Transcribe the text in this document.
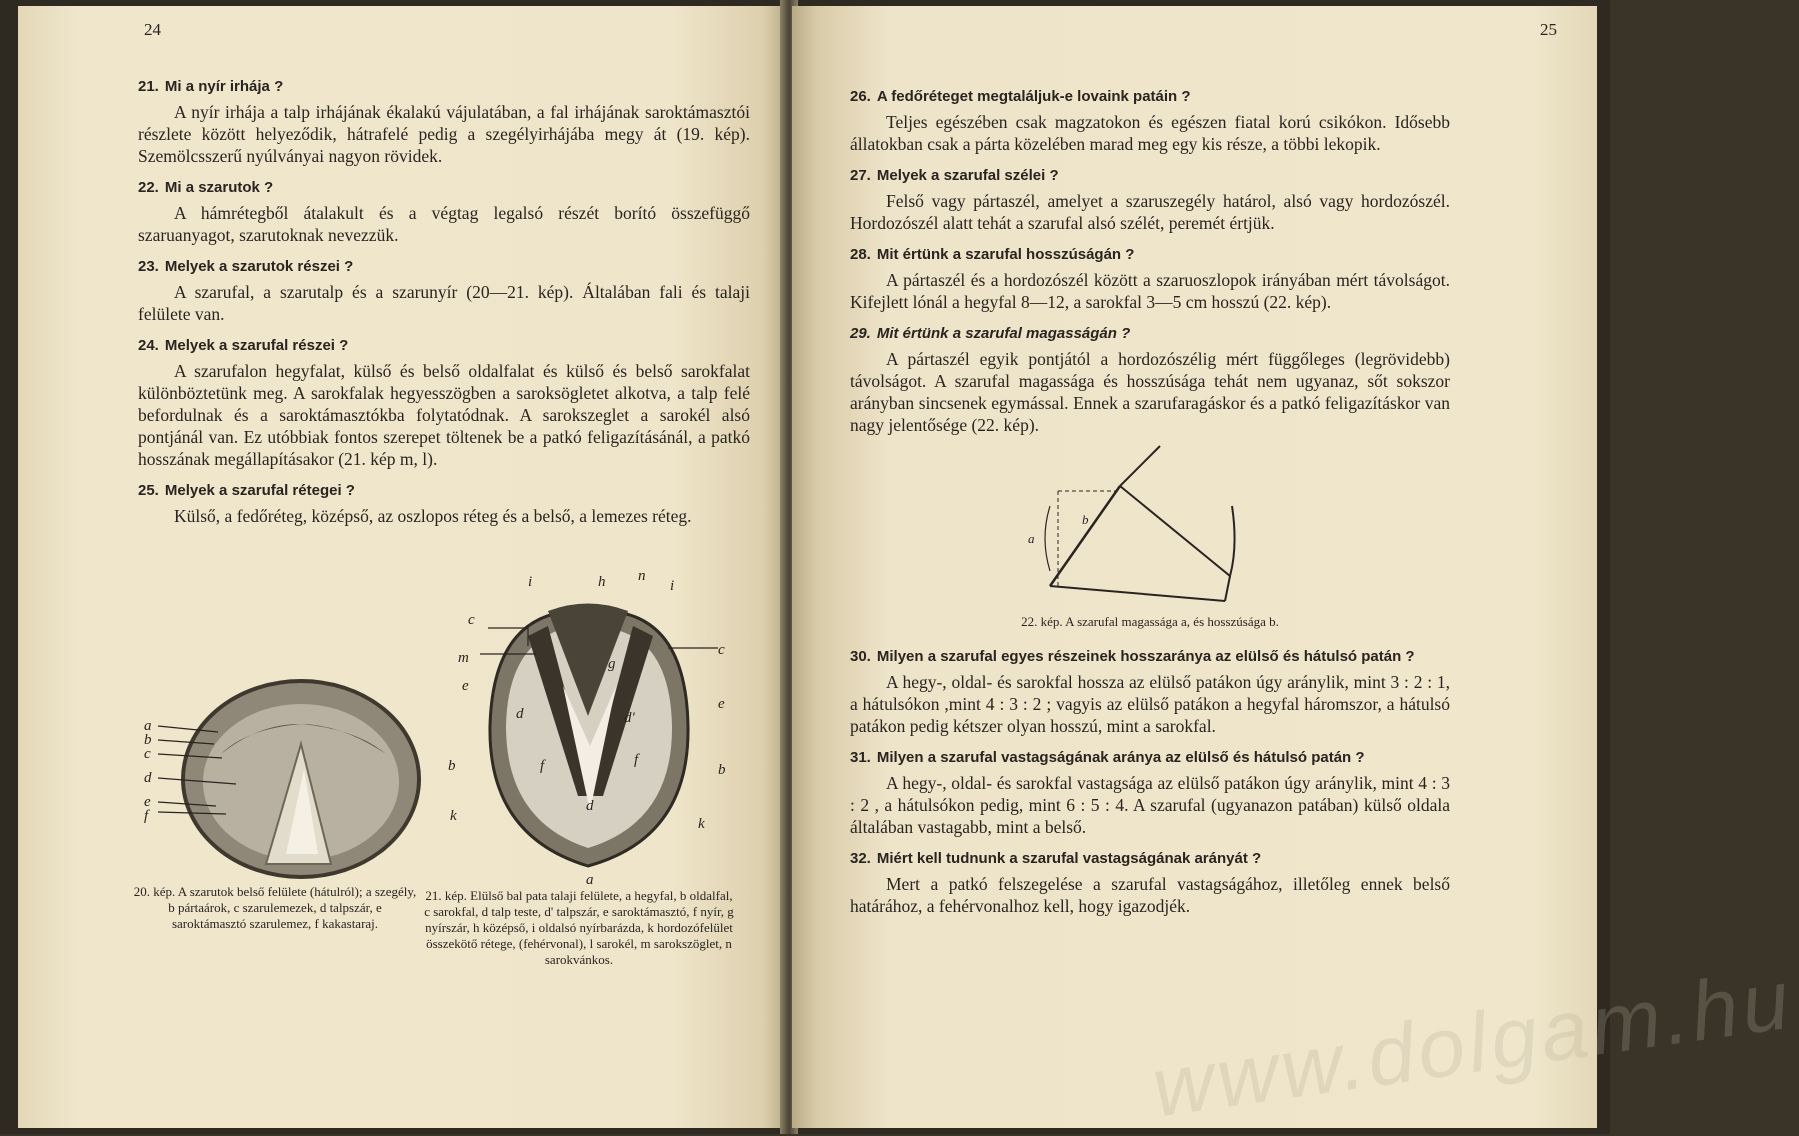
24
21. Mi a nyír irhája ?

A nyír irhája a talp irhájának ékalakú vájulatában, a fal irhájának saroktámasztói részlete között helyeződik, hátrafelé pedig a szegélyirhájába megy át (19. kép). Szemölcsszerű nyúlványai nagyon rövidek.

22. Mi a szarutok ?

A hámrétegből átalakult és a végtag legalsó részét borító összefüggő szaruanyagot, szarutoknak nevezzük.

23. Melyek a szarutok részei ?

A szarufal, a szarutalp és a szarunyír (20—21. kép). Általában fali és talaji felülete van.

24. Melyek a szarufal részei ?

A szarufalon hegyfalat, külső és belső oldalfalat és külső és belső sarokfalat különböztetünk meg. A sarokfalak hegyesszögben a saroksögletet alkotva, a talp felé befordulnak és a saroktámasztókba folytatódnak. A sarokszeglet a sarokél alsó pontjánál van. Ez utóbbiak fontos szerepet töltenek be a patkó feligazításánál, a patkó hosszának megállapításakor (21. kép m, l).

25. Melyek a szarufal rétegei ?

Külső, a fedőréteg, középső, az oszlopos réteg és a belső, a lemezes réteg.

a
b
c
d
e
f
20. kép. A szarutok belső felülete (hátulról); a szegély, b pártaárok, c szarulemezek, d talpszár, e saroktámasztó szarulemez, f kakastaraj.
i	h n
i
c
m
e
g
c
e
d	d'
f	f
b	b
d
k	k
a
21. kép. Elülső bal pata talaji felülete, a hegyfal, b oldalfal, c sarokfal, d talp teste, d' talpszár, e saroktámasztó, f nyír, g nyírszár, h középső, i oldalsó nyírbarázda, k hordozófelület összekötő rétege, (fehérvonal), l sarokél, m sarokszöglet, n sarokvánkos.
25
26. A fedőréteget megtaláljuk-e lovaink patáin ?

Teljes egészében csak magzatokon és egészen fiatal korú csikókon. Idősebb állatokban csak a párta közelében marad meg egy kis része, a többi lekopik.

27. Melyek a szarufal szélei ?

Felső vagy pártaszél, amelyet a szaruszegély határol, alsó vagy hordozószél. Hordozószél alatt tehát a szarufal alsó szélét, peremét értjük.

28. Mit értünk a szarufal hosszúságán ?

A pártaszél és a hordozószél között a szaruoszlopok irányában mért távolságot. Kifejlett lónál a hegyfal 8—12, a sarokfal 3—5 cm hosszú (22. kép).

29. Mit értünk a szarufal magasságán ?

A pártaszél egyik pontjától a hordozószélig mért függőleges (legrövidebb) távolságot. A szarufal magassága és hosszúsága tehát nem ugyanaz, sőt sokszor arányban sincsenek egymással. Ennek a szarufaragáskor és a patkó feligazításkor van nagy jelentősége (22. kép).

a
b
22. kép. A szarufal magassága a, és hosszúsága b.
30. Milyen a szarufal egyes részeinek hosszaránya az elülső és hátulsó patán ?

A hegy-, oldal- és sarokfal hossza az elülső patákon úgy aránylik, mint 3 : 2 : 1, a hátulsókon ,mint 4 : 3 : 2 ; vagyis az elülső patákon a hegyfal háromszor, a hátulsó patákon pedig kétszer olyan hosszú, mint a sarokfal.

31. Milyen a szarufal vastagságának aránya az elülső és hátulsó patán ?

A hegy-, oldal- és sarokfal vastagsága az elülső patákon úgy aránylik, mint 4 : 3 : 2 , a hátulsókon pedig, mint 6 : 5 : 4. A szarufal (ugyanazon patában) külső oldala általában vastagabb, mint a belső.

32. Miért kell tudnunk a szarufal vastagságának arányát ?

Mert a patkó felszegelése a szarufal vastagságához, illetőleg ennek belső határához, a fehérvonalhoz kell, hogy igazodjék.

www.dolgam.hu
